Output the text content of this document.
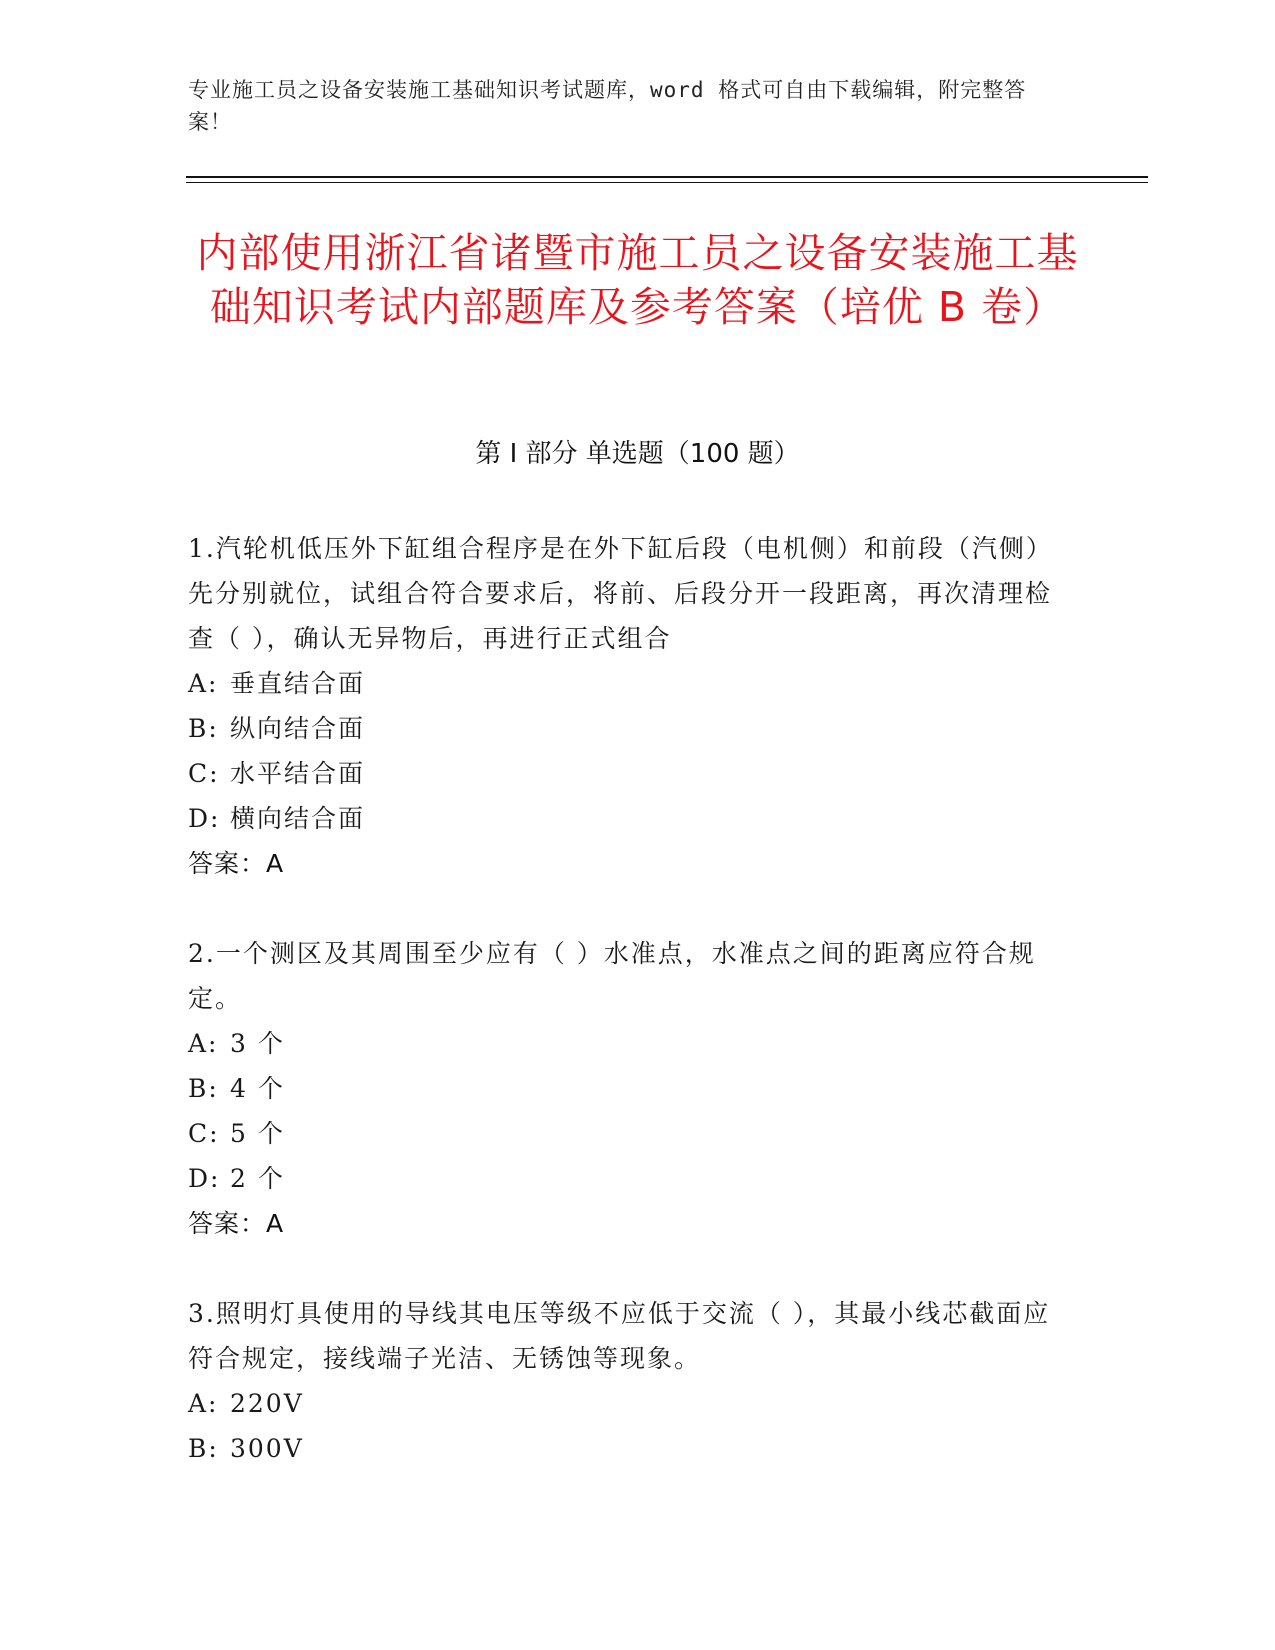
专业施工员之设备安装施工基础知识考试题库，word 格式可自由下载编辑，附完整答案！
内部使用浙江省诸暨市施工员之设备安装施工基础知识考试内部题库及参考答案（培优 B 卷）
第 I 部分 单选题（100 题）
1.汽轮机低压外下缸组合程序是在外下缸后段（电机侧）和前段（汽侧）先分别就位，试组合符合要求后，将前、后段分开一段距离，再次清理检查（ ），确认无异物后，再进行正式组合
A: 垂直结合面
B: 纵向结合面
C: 水平结合面
D: 横向结合面
答案：A
2.一个测区及其周围至少应有（ ）水准点，水准点之间的距离应符合规定。
A: 3 个
B: 4 个
C: 5 个
D: 2 个
答案：A
3.照明灯具使用的导线其电压等级不应低于交流（ ），其最小线芯截面应符合规定，接线端子光洁、无锈蚀等现象。
A: 220V
B: 300V
